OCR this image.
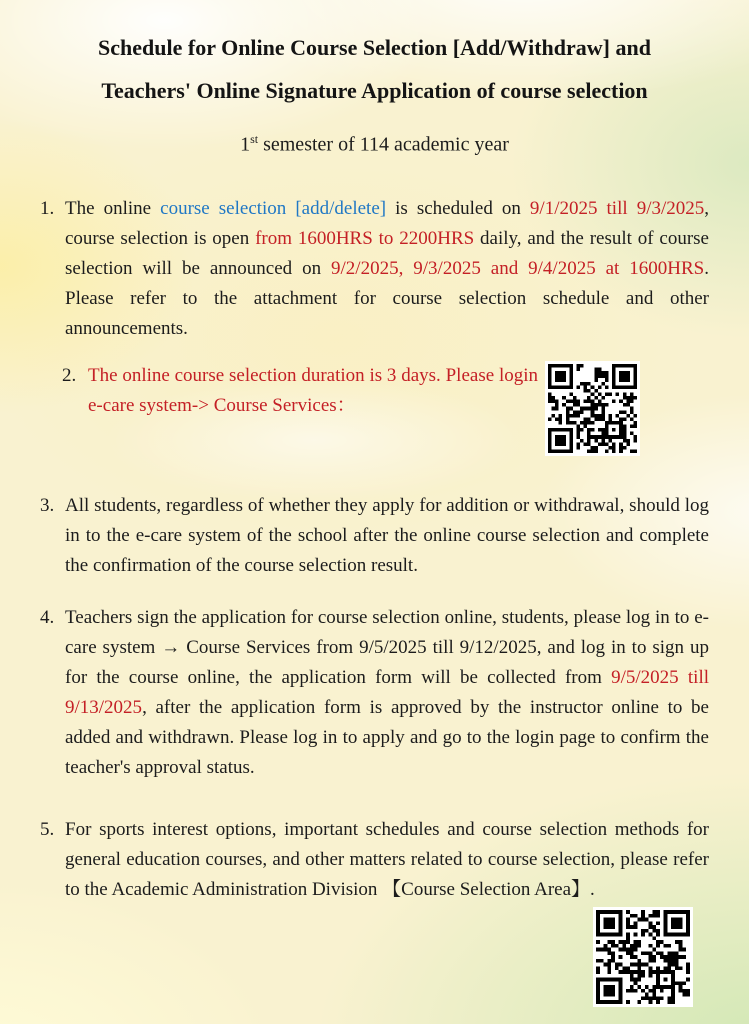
Schedule for Online Course Selection [Add/Withdraw] and
Teachers' Online Signature Application of course selection
1st semester of 114 academic year
1. The online course selection [add/delete] is scheduled on 9/1/2025 till 9/3/2025, course selection is open from 1600HRS to 2200HRS daily, and the result of course selection will be announced on 9/2/2025, 9/3/2025 and 9/4/2025 at 1600HRS. Please refer to the attachment for course selection schedule and other announcements.
2. The online course selection duration is 3 days. Please login e-care system-> Course Services：
3. All students, regardless of whether they apply for addition or withdrawal, should log in to the e-care system of the school after the online course selection and complete the confirmation of the course selection result.
4. Teachers sign the application for course selection online, students, please log in to e-care system → Course Services from 9/5/2025 till 9/12/2025, and log in to sign up for the course online, the application form will be collected from 9/5/2025 till 9/13/2025, after the application form is approved by the instructor online to be added and withdrawn. Please log in to apply and go to the login page to confirm the teacher's approval status.
5. For sports interest options, important schedules and course selection methods for general education courses, and other matters related to course selection, please refer to the Academic Administration Division 【Course Selection Area】.
